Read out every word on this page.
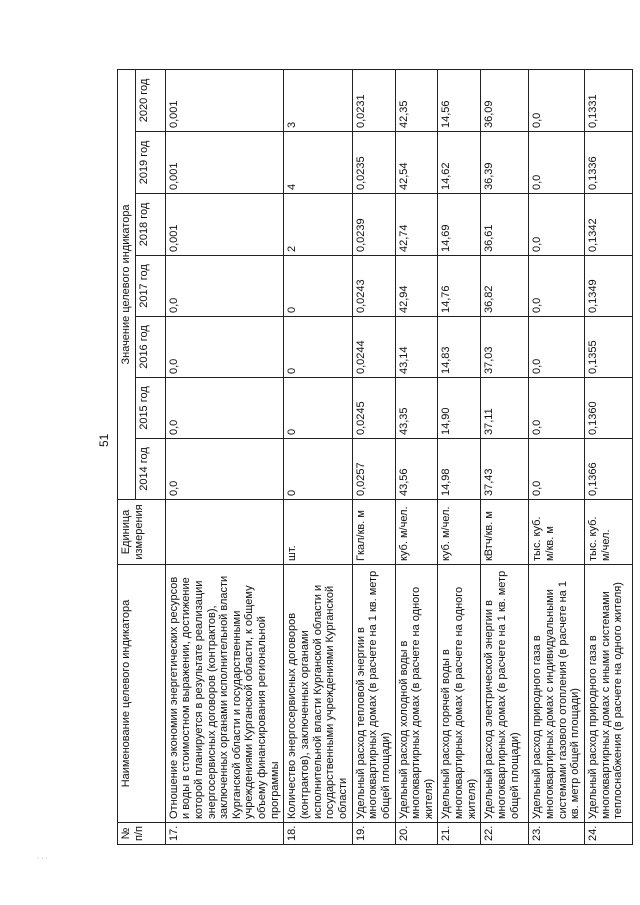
51
№ п/п	Наименование целевого индикатора	Единица измерения	Значение целевого индикатора						
			2014 год	2015 год	2016 год	2017 год	2018 год	2019 год	2020 год
17.	Отношение экономии энергетических ресурсов и воды в стоимостном выражении, достижение которой планируется в результате реализации энергосервисных договоров (контрактов), заключенных органами исполнительной власти Курганской области и государственными учреждениями Курганской области, к общему объему финансирования региональной программы		0,0	0,0	0,0	0,0	0,001	0,001	0,001
18.	Количество энергосервисных договоров (контрактов), заключенных органами исполнительной власти Курганской области и государственными учреждениями Курганской области	шт.	0	0	0	0	2	4	3
19.	Удельный расход тепловой энергии в многоквартирных домах (в расчете на 1 кв. метр общей площади)	Гкал/кв. м	0,0257	0,0245	0,0244	0,0243	0,0239	0,0235	0,0231
20.	Удельный расход холодной воды в многоквартирных домах (в расчете на одного жителя)	куб. м/чел.	43,56	43,35	43,14	42,94	42,74	42,54	42,35
21.	Удельный расход горячей воды в многоквартирных домах (в расчете на одного жителя)	куб. м/чел.	14,98	14,90	14,83	14,76	14,69	14,62	14,56
22.	Удельный расход электрической энергии в многоквартирных домах (в расчете на 1 кв. метр общей площади)	кВтч/кв. м	37,43	37,11	37,03	36,82	36,61	36,39	36,09
23.	Удельный расход природного газа в многоквартирных домах с индивидуальными системами газового отопления (в расчете на 1 кв. метр общей площади)	тыс. куб. м/кв. м	0,0	0,0	0,0	0,0	0,0	0,0	0,0
24.	Удельный расход природного газа в многоквартирных домах с иными системами теплоснабжения (в расчете на одного жителя)	тыс. куб. м/чел.	0,1366	0,1360	0,1355	0,1349	0,1342	0,1336	0,1331
· · ·
